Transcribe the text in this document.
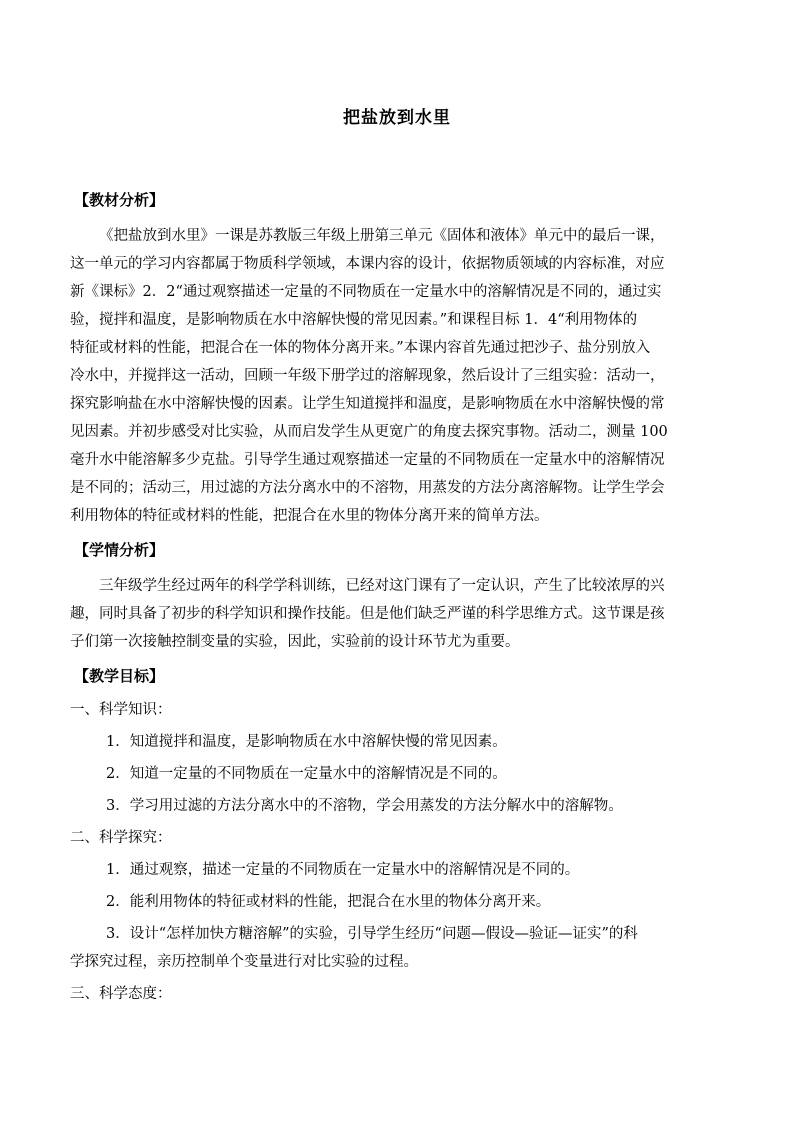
把盐放到水里
【教材分析】
《把盐放到水里》一课是苏教版三年级上册第三单元《固体和液体》单元中的最后一课，
这一单元的学习内容都属于物质科学领域，本课内容的设计，依据物质领域的内容标准，对应
新《课标》2．2“通过观察描述一定量的不同物质在一定量水中的溶解情况是不同的，通过实
验，搅拌和温度，是影响物质在水中溶解快慢的常见因素。”和课程目标 1．4“利用物体的
特征或材料的性能，把混合在一体的物体分离开来。”本课内容首先通过把沙子、盐分别放入
冷水中，并搅拌这一活动，回顾一年级下册学过的溶解现象，然后设计了三组实验：活动一，
探究影响盐在水中溶解快慢的因素。让学生知道搅拌和温度，是影响物质在水中溶解快慢的常
见因素。并初步感受对比实验，从而启发学生从更宽广的角度去探究事物。活动二，测量 100
毫升水中能溶解多少克盐。引导学生通过观察描述一定量的不同物质在一定量水中的溶解情况
是不同的；活动三，用过滤的方法分离水中的不溶物，用蒸发的方法分离溶解物。让学生学会
利用物体的特征或材料的性能，把混合在水里的物体分离开来的简单方法。
【学情分析】
三年级学生经过两年的科学学科训练，已经对这门课有了一定认识，产生了比较浓厚的兴
趣，同时具备了初步的科学知识和操作技能。但是他们缺乏严谨的科学思维方式。这节课是孩
子们第一次接触控制变量的实验，因此，实验前的设计环节尤为重要。
【教学目标】
一、科学知识：
1．知道搅拌和温度，是影响物质在水中溶解快慢的常见因素。
2．知道一定量的不同物质在一定量水中的溶解情况是不同的。
3．学习用过滤的方法分离水中的不溶物，学会用蒸发的方法分解水中的溶解物。
二、科学探究：
1．通过观察，描述一定量的不同物质在一定量水中的溶解情况是不同的。
2．能利用物体的特征或材料的性能，把混合在水里的物体分离开来。
3．设计“怎样加快方糖溶解”的实验，引导学生经历“问题—假设—验证—证实”的科
学探究过程，亲历控制单个变量进行对比实验的过程。
三、科学态度：
